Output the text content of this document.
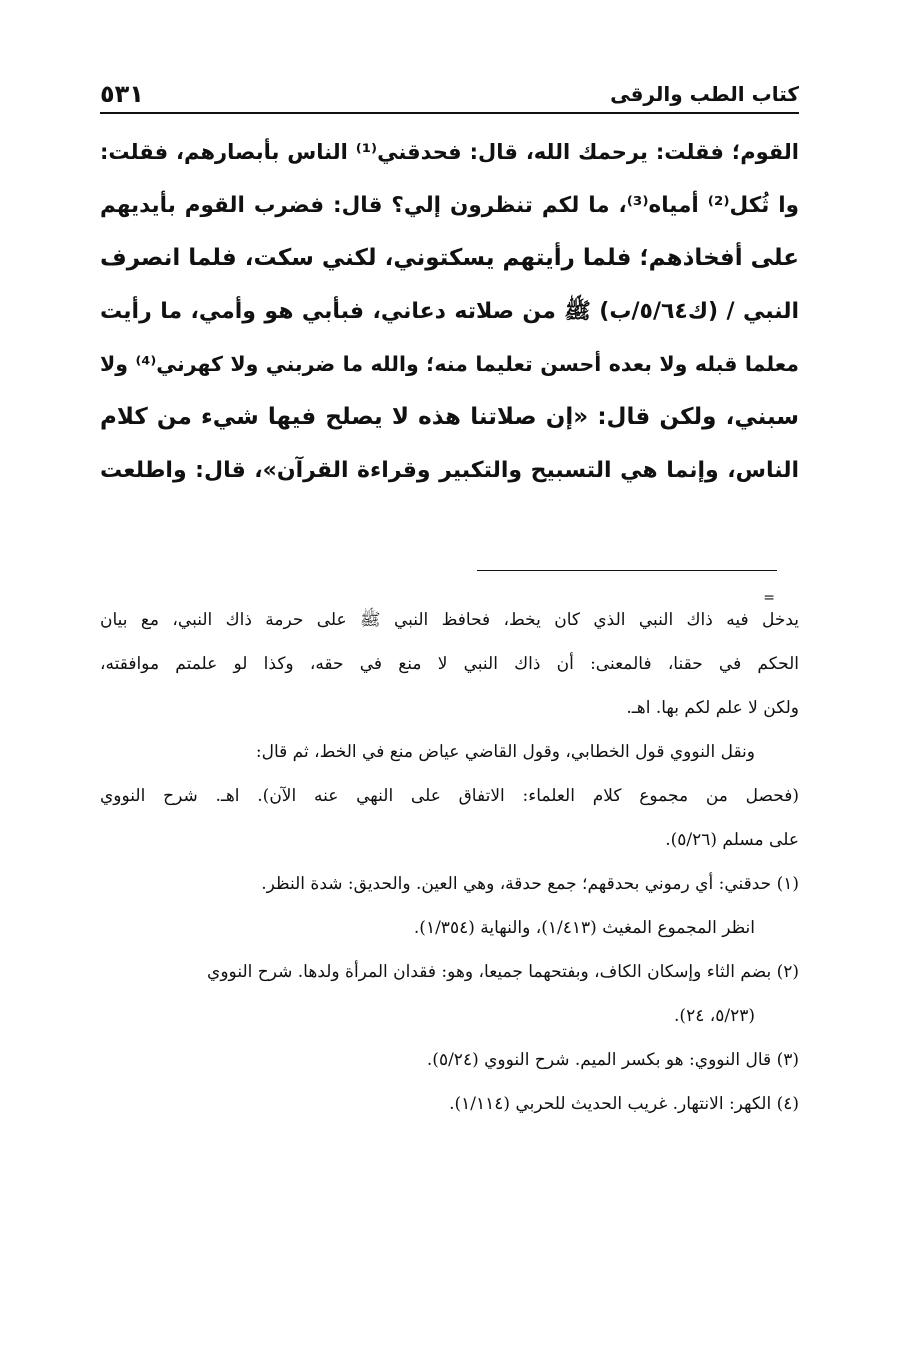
كتاب الطب والرقى
٥٣١
القوم؛ فقلت: يرحمك الله، قال: فحدقني⁽¹⁾ الناس بأبصارهم، فقلت:
وا ثُكل⁽²⁾ أمياه⁽³⁾، ما لكم تنظرون إلي؟ قال: فضرب القوم بأيديهم
على أفخاذهم؛ فلما رأيتهم يسكتوني، لكني سكت، فلما انصرف
النبي / (ك٥/٦٤/ب) ﷺ من صلاته دعاني، فبأبي هو وأمي، ما رأيت
معلما قبله ولا بعده أحسن تعليما منه؛ والله ما ضربني ولا كهرني⁽⁴⁾ ولا
سبني، ولكن قال: «إن صلاتنا هذه لا يصلح فيها شيء من كلام
الناس، وإنما هي التسبيح والتكبير وقراءة القرآن»، قال: واطلعت
=
يدخل فيه ذاك النبي الذي كان يخط، فحافظ النبي ﷺ على حرمة ذاك النبي، مع بيان
الحكم في حقنا، فالمعنى: أن ذاك النبي لا منع في حقه، وكذا لو علمتم موافقته،
ولكن لا علم لكم بها. اهـ.
ونقل النووي قول الخطابي، وقول القاضي عياض منع في الخط، ثم قال:
(فحصل من مجموع كلام العلماء: الاتفاق على النهي عنه الآن). اهـ. شرح النووي
على مسلم (٥/٢٦).
(١) حدقني: أي رموني بحدقهم؛ جمع حدقة، وهي العين. والحديق: شدة النظر.
انظر المجموع المغيث (١/٤١٣)، والنهاية (١/٣٥٤).
(٢) بضم الثاء وإسكان الكاف، وبفتحهما جميعا، وهو: فقدان المرأة ولدها. شرح النووي
(٥/٢٣، ٢٤).
(٣) قال النووي: هو بكسر الميم. شرح النووي (٥/٢٤).
(٤) الكهر: الانتهار. غريب الحديث للحربي (١/١١٤).
